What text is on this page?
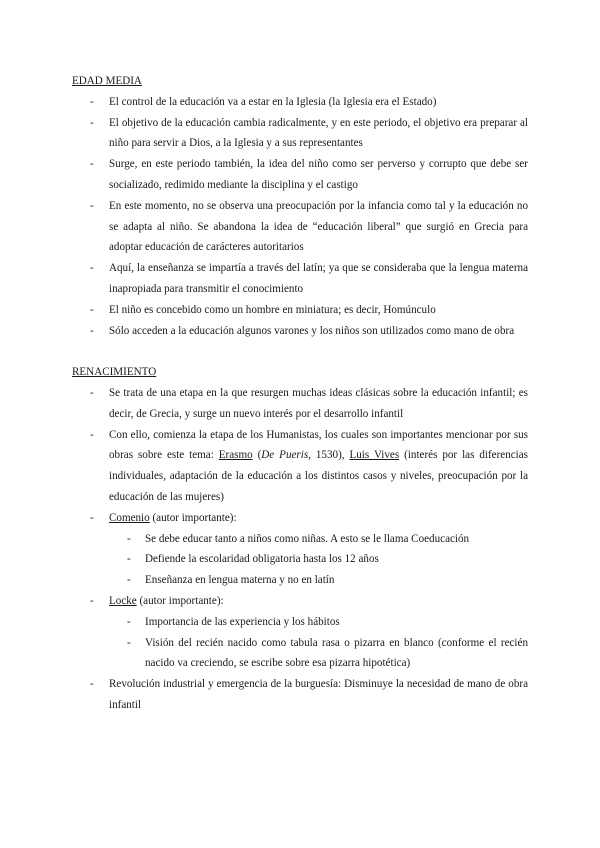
EDAD MEDIA

- El control de la educación va a estar en la Iglesia (la Iglesia era el Estado)
- El objetivo de la educación cambia radicalmente, y en este periodo, el objetivo era preparar al niño para servir a Dios, a la Iglesia y a sus representantes
- Surge, en este periodo también, la idea del niño como ser perverso y corrupto que debe ser socializado, redimido mediante la disciplina y el castigo
- En este momento, no se observa una preocupación por la infancia como tal y la educación no se adapta al niño. Se abandona la idea de “educación liberal” que surgió en Grecia para adoptar educación de carácteres autoritarios
- Aquí, la enseñanza se impartía a través del latín; ya que se consideraba que la lengua materna inapropiada para transmitir el conocimiento
- El niño es concebido como un hombre en miniatura; es decir, Homúnculo
- Sólo acceden a la educación algunos varones y los niños son utilizados como mano de obra

RENACIMIENTO

- Se trata de una etapa en la que resurgen muchas ideas clásicas sobre la educación infantil; es decir, de Grecia, y surge un nuevo interés por el desarrollo infantil
- Con ello, comienza la etapa de los Humanistas, los cuales son importantes mencionar por sus obras sobre este tema: Erasmo (De Pueris, 1530), Luis Vives (interés por las diferencias individuales, adaptación de la educación a los distintos casos y niveles, preocupación por la educación de las mujeres)
- Comenio (autor importante):
- Se debe educar tanto a niños como niñas. A esto se le llama Coeducación
- Defiende la escolaridad obligatoria hasta los 12 años
- Enseñanza en lengua materna y no en latín
- Locke (autor importante):
- Importancia de las experiencia y los hábitos
- Visión del recién nacido como tabula rasa o pizarra en blanco (conforme el recién nacido va creciendo, se escribe sobre esa pizarra hipotética)
- Revolución industrial y emergencia de la burguesía: Disminuye la necesidad de mano de obra infantil
